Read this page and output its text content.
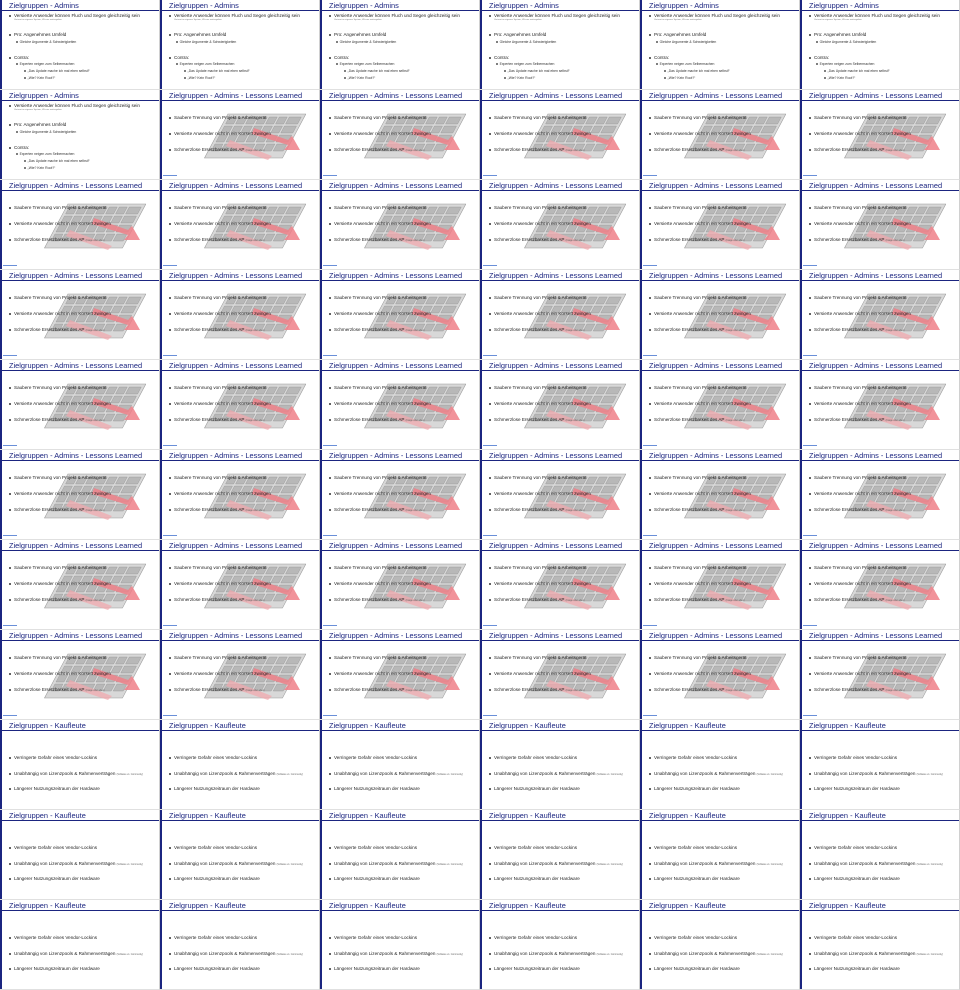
Zielgruppen - Admins
Versierte Anwender können Fluch und Segen gleichzeitig sein
Vertraut im eigenen System, Wissen weitergeben
Pro: Angenehmes Umfeld
Gleiche Argumente & Schwierigkeiten
Contra:
Experten neigen zum Selbermachen
„Das Update mache ich mal eben selbst!“
„Wie? Kein Root?“
Zielgruppen - Admins
Versierte Anwender können Fluch und Segen gleichzeitig sein
Vertraut im eigenen System, Wissen weitergeben
Pro: Angenehmes Umfeld
Gleiche Argumente & Schwierigkeiten
Contra:
Experten neigen zum Selbermachen
„Das Update mache ich mal eben selbst!“
„Wie? Kein Root?“
Zielgruppen - Admins
Versierte Anwender können Fluch und Segen gleichzeitig sein
Vertraut im eigenen System, Wissen weitergeben
Pro: Angenehmes Umfeld
Gleiche Argumente & Schwierigkeiten
Contra:
Experten neigen zum Selbermachen
„Das Update mache ich mal eben selbst!“
„Wie? Kein Root?“
Zielgruppen - Admins
Versierte Anwender können Fluch und Segen gleichzeitig sein
Vertraut im eigenen System, Wissen weitergeben
Pro: Angenehmes Umfeld
Gleiche Argumente & Schwierigkeiten
Contra:
Experten neigen zum Selbermachen
„Das Update mache ich mal eben selbst!“
„Wie? Kein Root?“
Zielgruppen - Admins
Versierte Anwender können Fluch und Segen gleichzeitig sein
Vertraut im eigenen System, Wissen weitergeben
Pro: Angenehmes Umfeld
Gleiche Argumente & Schwierigkeiten
Contra:
Experten neigen zum Selbermachen
„Das Update mache ich mal eben selbst!“
„Wie? Kein Root?“
Zielgruppen - Admins
Versierte Anwender können Fluch und Segen gleichzeitig sein
Vertraut im eigenen System, Wissen weitergeben
Pro: Angenehmes Umfeld
Gleiche Argumente & Schwierigkeiten
Contra:
Experten neigen zum Selbermachen
„Das Update mache ich mal eben selbst!“
„Wie? Kein Root?“
Zielgruppen - Admins
Versierte Anwender können Fluch und Segen gleichzeitig sein
Vertraut im eigenen System, Wissen weitergeben
Pro: Angenehmes Umfeld
Gleiche Argumente & Schwierigkeiten
Contra:
Experten neigen zum Selbermachen
„Das Update mache ich mal eben selbst!“
„Wie? Kein Root?“
Zielgruppen - Admins - Lessons Learned
Saubere Trennung von Projekt & Arbeitsgerät
Versierte Anwender nicht in ein Korsett zwingen
Schmerzlose Ersetzbarkeit des AP (Image oder eben)
Zielgruppen - Admins - Lessons Learned
Saubere Trennung von Projekt & Arbeitsgerät
Versierte Anwender nicht in ein Korsett zwingen
Schmerzlose Ersetzbarkeit des AP (Image oder eben)
Zielgruppen - Admins - Lessons Learned
Saubere Trennung von Projekt & Arbeitsgerät
Versierte Anwender nicht in ein Korsett zwingen
Schmerzlose Ersetzbarkeit des AP (Image oder eben)
Zielgruppen - Admins - Lessons Learned
Saubere Trennung von Projekt & Arbeitsgerät
Versierte Anwender nicht in ein Korsett zwingen
Schmerzlose Ersetzbarkeit des AP (Image oder eben)
Zielgruppen - Admins - Lessons Learned
Saubere Trennung von Projekt & Arbeitsgerät
Versierte Anwender nicht in ein Korsett zwingen
Schmerzlose Ersetzbarkeit des AP (Image oder eben)
Zielgruppen - Admins - Lessons Learned
Saubere Trennung von Projekt & Arbeitsgerät
Versierte Anwender nicht in ein Korsett zwingen
Schmerzlose Ersetzbarkeit des AP (Image oder eben)
Zielgruppen - Admins - Lessons Learned
Saubere Trennung von Projekt & Arbeitsgerät
Versierte Anwender nicht in ein Korsett zwingen
Schmerzlose Ersetzbarkeit des AP (Image oder eben)
Zielgruppen - Admins - Lessons Learned
Saubere Trennung von Projekt & Arbeitsgerät
Versierte Anwender nicht in ein Korsett zwingen
Schmerzlose Ersetzbarkeit des AP (Image oder eben)
Zielgruppen - Admins - Lessons Learned
Saubere Trennung von Projekt & Arbeitsgerät
Versierte Anwender nicht in ein Korsett zwingen
Schmerzlose Ersetzbarkeit des AP (Image oder eben)
Zielgruppen - Admins - Lessons Learned
Saubere Trennung von Projekt & Arbeitsgerät
Versierte Anwender nicht in ein Korsett zwingen
Schmerzlose Ersetzbarkeit des AP (Image oder eben)
Zielgruppen - Admins - Lessons Learned
Saubere Trennung von Projekt & Arbeitsgerät
Versierte Anwender nicht in ein Korsett zwingen
Schmerzlose Ersetzbarkeit des AP (Image oder eben)
Zielgruppen - Admins - Lessons Learned
Saubere Trennung von Projekt & Arbeitsgerät
Versierte Anwender nicht in ein Korsett zwingen
Schmerzlose Ersetzbarkeit des AP (Image oder eben)
Zielgruppen - Admins - Lessons Learned
Saubere Trennung von Projekt & Arbeitsgerät
Versierte Anwender nicht in ein Korsett zwingen
Schmerzlose Ersetzbarkeit des AP (Image oder eben)
Zielgruppen - Admins - Lessons Learned
Saubere Trennung von Projekt & Arbeitsgerät
Versierte Anwender nicht in ein Korsett zwingen
Schmerzlose Ersetzbarkeit des AP (Image oder eben)
Zielgruppen - Admins - Lessons Learned
Saubere Trennung von Projekt & Arbeitsgerät
Versierte Anwender nicht in ein Korsett zwingen
Schmerzlose Ersetzbarkeit des AP (Image oder eben)
Zielgruppen - Admins - Lessons Learned
Saubere Trennung von Projekt & Arbeitsgerät
Versierte Anwender nicht in ein Korsett zwingen
Schmerzlose Ersetzbarkeit des AP (Image oder eben)
Zielgruppen - Admins - Lessons Learned
Saubere Trennung von Projekt & Arbeitsgerät
Versierte Anwender nicht in ein Korsett zwingen
Schmerzlose Ersetzbarkeit des AP (Image oder eben)
Zielgruppen - Admins - Lessons Learned
Saubere Trennung von Projekt & Arbeitsgerät
Versierte Anwender nicht in ein Korsett zwingen
Schmerzlose Ersetzbarkeit des AP (Image oder eben)
Zielgruppen - Admins - Lessons Learned
Saubere Trennung von Projekt & Arbeitsgerät
Versierte Anwender nicht in ein Korsett zwingen
Schmerzlose Ersetzbarkeit des AP (Image oder eben)
Zielgruppen - Admins - Lessons Learned
Saubere Trennung von Projekt & Arbeitsgerät
Versierte Anwender nicht in ein Korsett zwingen
Schmerzlose Ersetzbarkeit des AP (Image oder eben)
Zielgruppen - Admins - Lessons Learned
Saubere Trennung von Projekt & Arbeitsgerät
Versierte Anwender nicht in ein Korsett zwingen
Schmerzlose Ersetzbarkeit des AP (Image oder eben)
Zielgruppen - Admins - Lessons Learned
Saubere Trennung von Projekt & Arbeitsgerät
Versierte Anwender nicht in ein Korsett zwingen
Schmerzlose Ersetzbarkeit des AP (Image oder eben)
Zielgruppen - Admins - Lessons Learned
Saubere Trennung von Projekt & Arbeitsgerät
Versierte Anwender nicht in ein Korsett zwingen
Schmerzlose Ersetzbarkeit des AP (Image oder eben)
Zielgruppen - Admins - Lessons Learned
Saubere Trennung von Projekt & Arbeitsgerät
Versierte Anwender nicht in ein Korsett zwingen
Schmerzlose Ersetzbarkeit des AP (Image oder eben)
Zielgruppen - Admins - Lessons Learned
Saubere Trennung von Projekt & Arbeitsgerät
Versierte Anwender nicht in ein Korsett zwingen
Schmerzlose Ersetzbarkeit des AP (Image oder eben)
Zielgruppen - Admins - Lessons Learned
Saubere Trennung von Projekt & Arbeitsgerät
Versierte Anwender nicht in ein Korsett zwingen
Schmerzlose Ersetzbarkeit des AP (Image oder eben)
Zielgruppen - Admins - Lessons Learned
Saubere Trennung von Projekt & Arbeitsgerät
Versierte Anwender nicht in ein Korsett zwingen
Schmerzlose Ersetzbarkeit des AP (Image oder eben)
Zielgruppen - Admins - Lessons Learned
Saubere Trennung von Projekt & Arbeitsgerät
Versierte Anwender nicht in ein Korsett zwingen
Schmerzlose Ersetzbarkeit des AP (Image oder eben)
Zielgruppen - Admins - Lessons Learned
Saubere Trennung von Projekt & Arbeitsgerät
Versierte Anwender nicht in ein Korsett zwingen
Schmerzlose Ersetzbarkeit des AP (Image oder eben)
Zielgruppen - Admins - Lessons Learned
Saubere Trennung von Projekt & Arbeitsgerät
Versierte Anwender nicht in ein Korsett zwingen
Schmerzlose Ersetzbarkeit des AP (Image oder eben)
Zielgruppen - Admins - Lessons Learned
Saubere Trennung von Projekt & Arbeitsgerät
Versierte Anwender nicht in ein Korsett zwingen
Schmerzlose Ersetzbarkeit des AP (Image oder eben)
Zielgruppen - Admins - Lessons Learned
Saubere Trennung von Projekt & Arbeitsgerät
Versierte Anwender nicht in ein Korsett zwingen
Schmerzlose Ersetzbarkeit des AP (Image oder eben)
Zielgruppen - Admins - Lessons Learned
Saubere Trennung von Projekt & Arbeitsgerät
Versierte Anwender nicht in ein Korsett zwingen
Schmerzlose Ersetzbarkeit des AP (Image oder eben)
Zielgruppen - Admins - Lessons Learned
Saubere Trennung von Projekt & Arbeitsgerät
Versierte Anwender nicht in ein Korsett zwingen
Schmerzlose Ersetzbarkeit des AP (Image oder eben)
Zielgruppen - Admins - Lessons Learned
Saubere Trennung von Projekt & Arbeitsgerät
Versierte Anwender nicht in ein Korsett zwingen
Schmerzlose Ersetzbarkeit des AP (Image oder eben)
Zielgruppen - Admins - Lessons Learned
Saubere Trennung von Projekt & Arbeitsgerät
Versierte Anwender nicht in ein Korsett zwingen
Schmerzlose Ersetzbarkeit des AP (Image oder eben)
Zielgruppen - Admins - Lessons Learned
Saubere Trennung von Projekt & Arbeitsgerät
Versierte Anwender nicht in ein Korsett zwingen
Schmerzlose Ersetzbarkeit des AP (Image oder eben)
Zielgruppen - Admins - Lessons Learned
Saubere Trennung von Projekt & Arbeitsgerät
Versierte Anwender nicht in ein Korsett zwingen
Schmerzlose Ersetzbarkeit des AP (Image oder eben)
Zielgruppen - Admins - Lessons Learned
Saubere Trennung von Projekt & Arbeitsgerät
Versierte Anwender nicht in ein Korsett zwingen
Schmerzlose Ersetzbarkeit des AP (Image oder eben)
Zielgruppen - Admins - Lessons Learned
Saubere Trennung von Projekt & Arbeitsgerät
Versierte Anwender nicht in ein Korsett zwingen
Schmerzlose Ersetzbarkeit des AP (Image oder eben)
Zielgruppen - Admins - Lessons Learned
Saubere Trennung von Projekt & Arbeitsgerät
Versierte Anwender nicht in ein Korsett zwingen
Schmerzlose Ersetzbarkeit des AP (Image oder eben)
Zielgruppen - Kaufleute
Verringerte Gefahr eines Vendor-Lockins
Unabhängig von Lizenzpools & Rahmenverträgen (Software vs. Community)
Längerer Nutzungszeitraum der Hardware
Zielgruppen - Kaufleute
Verringerte Gefahr eines Vendor-Lockins
Unabhängig von Lizenzpools & Rahmenverträgen (Software vs. Community)
Längerer Nutzungszeitraum der Hardware
Zielgruppen - Kaufleute
Verringerte Gefahr eines Vendor-Lockins
Unabhängig von Lizenzpools & Rahmenverträgen (Software vs. Community)
Längerer Nutzungszeitraum der Hardware
Zielgruppen - Kaufleute
Verringerte Gefahr eines Vendor-Lockins
Unabhängig von Lizenzpools & Rahmenverträgen (Software vs. Community)
Längerer Nutzungszeitraum der Hardware
Zielgruppen - Kaufleute
Verringerte Gefahr eines Vendor-Lockins
Unabhängig von Lizenzpools & Rahmenverträgen (Software vs. Community)
Längerer Nutzungszeitraum der Hardware
Zielgruppen - Kaufleute
Verringerte Gefahr eines Vendor-Lockins
Unabhängig von Lizenzpools & Rahmenverträgen (Software vs. Community)
Längerer Nutzungszeitraum der Hardware
Zielgruppen - Kaufleute
Verringerte Gefahr eines Vendor-Lockins
Unabhängig von Lizenzpools & Rahmenverträgen (Software vs. Community)
Längerer Nutzungszeitraum der Hardware
Zielgruppen - Kaufleute
Verringerte Gefahr eines Vendor-Lockins
Unabhängig von Lizenzpools & Rahmenverträgen (Software vs. Community)
Längerer Nutzungszeitraum der Hardware
Zielgruppen - Kaufleute
Verringerte Gefahr eines Vendor-Lockins
Unabhängig von Lizenzpools & Rahmenverträgen (Software vs. Community)
Längerer Nutzungszeitraum der Hardware
Zielgruppen - Kaufleute
Verringerte Gefahr eines Vendor-Lockins
Unabhängig von Lizenzpools & Rahmenverträgen (Software vs. Community)
Längerer Nutzungszeitraum der Hardware
Zielgruppen - Kaufleute
Verringerte Gefahr eines Vendor-Lockins
Unabhängig von Lizenzpools & Rahmenverträgen (Software vs. Community)
Längerer Nutzungszeitraum der Hardware
Zielgruppen - Kaufleute
Verringerte Gefahr eines Vendor-Lockins
Unabhängig von Lizenzpools & Rahmenverträgen (Software vs. Community)
Längerer Nutzungszeitraum der Hardware
Zielgruppen - Kaufleute
Verringerte Gefahr eines Vendor-Lockins
Unabhängig von Lizenzpools & Rahmenverträgen (Software vs. Community)
Längerer Nutzungszeitraum der Hardware
Zielgruppen - Kaufleute
Verringerte Gefahr eines Vendor-Lockins
Unabhängig von Lizenzpools & Rahmenverträgen (Software vs. Community)
Längerer Nutzungszeitraum der Hardware
Zielgruppen - Kaufleute
Verringerte Gefahr eines Vendor-Lockins
Unabhängig von Lizenzpools & Rahmenverträgen (Software vs. Community)
Längerer Nutzungszeitraum der Hardware
Zielgruppen - Kaufleute
Verringerte Gefahr eines Vendor-Lockins
Unabhängig von Lizenzpools & Rahmenverträgen (Software vs. Community)
Längerer Nutzungszeitraum der Hardware
Zielgruppen - Kaufleute
Verringerte Gefahr eines Vendor-Lockins
Unabhängig von Lizenzpools & Rahmenverträgen (Software vs. Community)
Längerer Nutzungszeitraum der Hardware
Zielgruppen - Kaufleute
Verringerte Gefahr eines Vendor-Lockins
Unabhängig von Lizenzpools & Rahmenverträgen (Software vs. Community)
Längerer Nutzungszeitraum der Hardware
